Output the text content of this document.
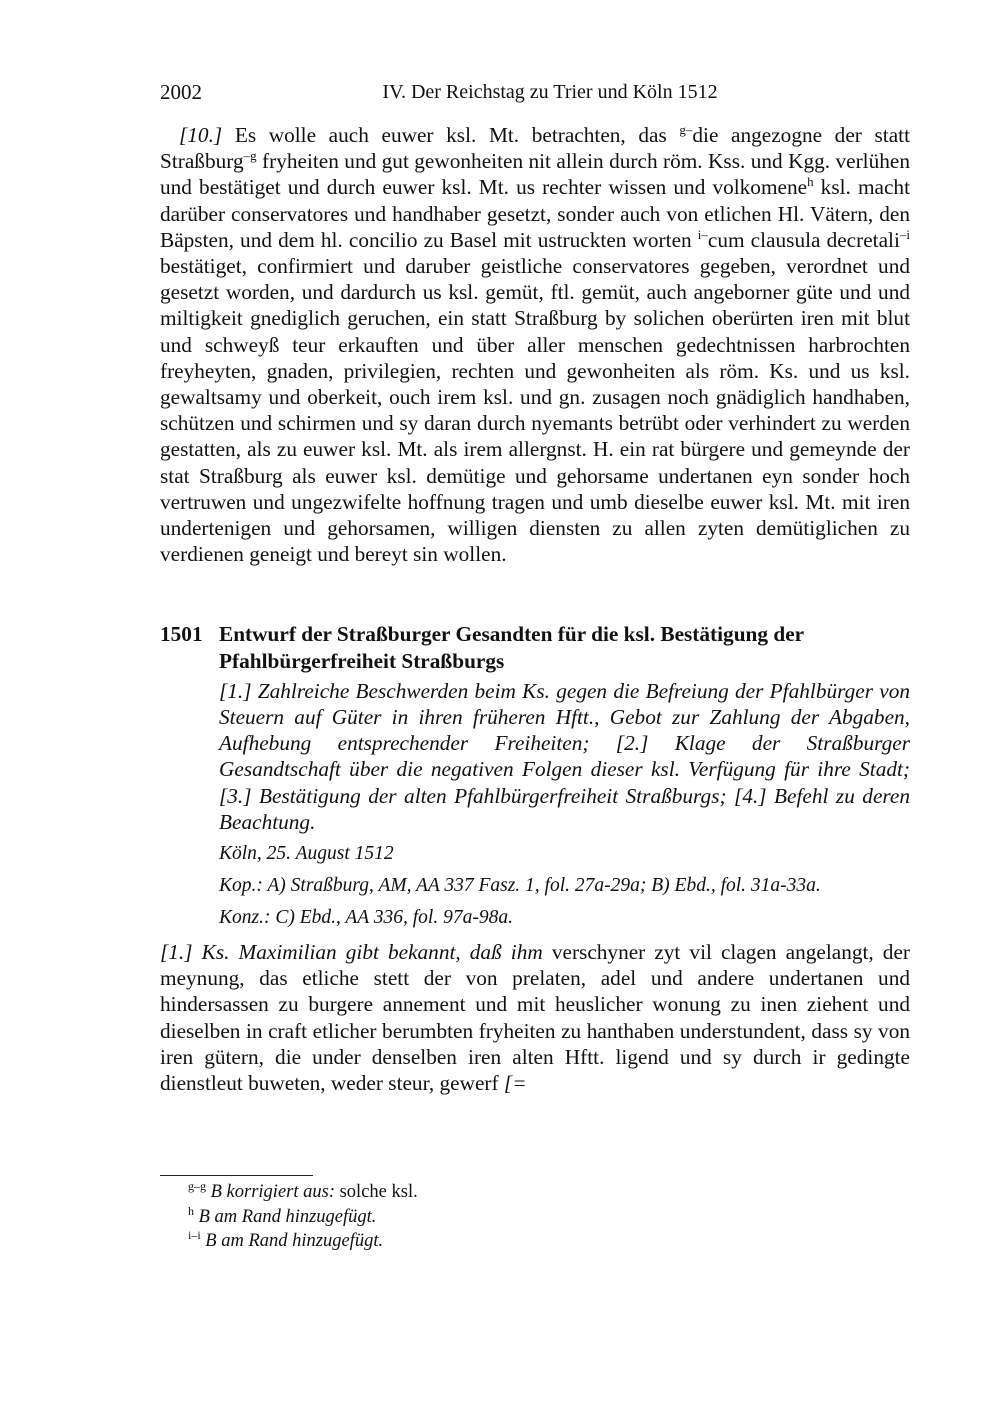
2002	IV. Der Reichstag zu Trier und Köln 1512

[10.] Es wolle auch euwer ksl. Mt. betrachten, das $^{g-}$die angezogne der statt Straßburg$^{-g}$ fryheiten und gut gewonheiten nit allein durch röm. Kss. und Kgg. verlühen und bestätiget und durch euwer ksl. Mt. us rechter wissen und volkomene$^h$ ksl. macht darüber conservatores und handhaber gesetzt, sonder auch von etlichen Hl. Vätern, den Bäpsten, und dem hl. concilio zu Basel mit ustruckten worten $^{i-}$cum clausula decretali$^{-i}$ bestätiget, confirmiert und daruber geistliche conservatores gegeben, verordnet und gesetzt worden, und dardurch us ksl. gemüt, ftl. gemüt, auch angeborner güte und und miltigkeit gnediglich geruchen, ein statt Straßburg by solichen oberürten iren mit blut und schweyß teur erkauften und über aller menschen gedechtnissen harbrochten freyheyten, gnaden, privilegien, rechten und gewonheiten als röm. Ks. und us ksl. gewaltsamy und oberkeit, ouch irem ksl. und gn. zusagen noch gnädiglich handhaben, schützen und schirmen und sy daran durch nyemants betrübt oder verhindert zu werden gestatten, als zu euwer ksl. Mt. als irem allergnst. H. ein rat bürgere und gemeynde der stat Straßburg als euwer ksl. demütige und gehorsame undertanen eyn sonder hoch vertruwen und ungezwifelte hoffnung tragen und umb dieselbe euwer ksl. Mt. mit iren undertenigen und gehorsamen, willigen diensten zu allen zyten demütiglichen zu verdienen geneigt und bereyt sin wollen.

1501 Entwurf der Straßburger Gesandten für die ksl. Bestätigung der Pfahlbürgerfreiheit Straßburgs
[1.] Zahlreiche Beschwerden beim Ks. gegen die Befreiung der Pfahlbürger von Steuern auf Güter in ihren früheren Hftt., Gebot zur Zahlung der Abgaben, Aufhebung entsprechender Freiheiten; [2.] Klage der Straßburger Gesandtschaft über die negativen Folgen dieser ksl. Verfügung für ihre Stadt; [3.] Bestätigung der alten Pfahlbürgerfreiheit Straßburgs; [4.] Befehl zu deren Beachtung.
Köln, 25. August 1512
Kop.: A) Straßburg, AM, AA 337 Fasz. 1, fol. 27a-29a; B) Ebd., fol. 31a-33a.
Konz.: C) Ebd., AA 336, fol. 97a-98a.

[1.] Ks. Maximilian gibt bekannt, daß ihm verschyner zyt vil clagen angelangt, der meynung, das etliche stett der von prelaten, adel und andere undertanen und hindersassen zu burgere annement und mit heuslicher wonung zu inen ziehent und dieselben in craft etlicher berumbten fryheiten zu hanthaben understundent, dass sy von iren gütern, die under denselben iren alten Hftt. ligend und sy durch ir gedingte dienstleut buweten, weder steur, gewerf [=

$^{g-g}$ B korrigiert aus: solche ksl.
$^h$ B am Rand hinzugefügt.
$^{i-i}$ B am Rand hinzugefügt.
